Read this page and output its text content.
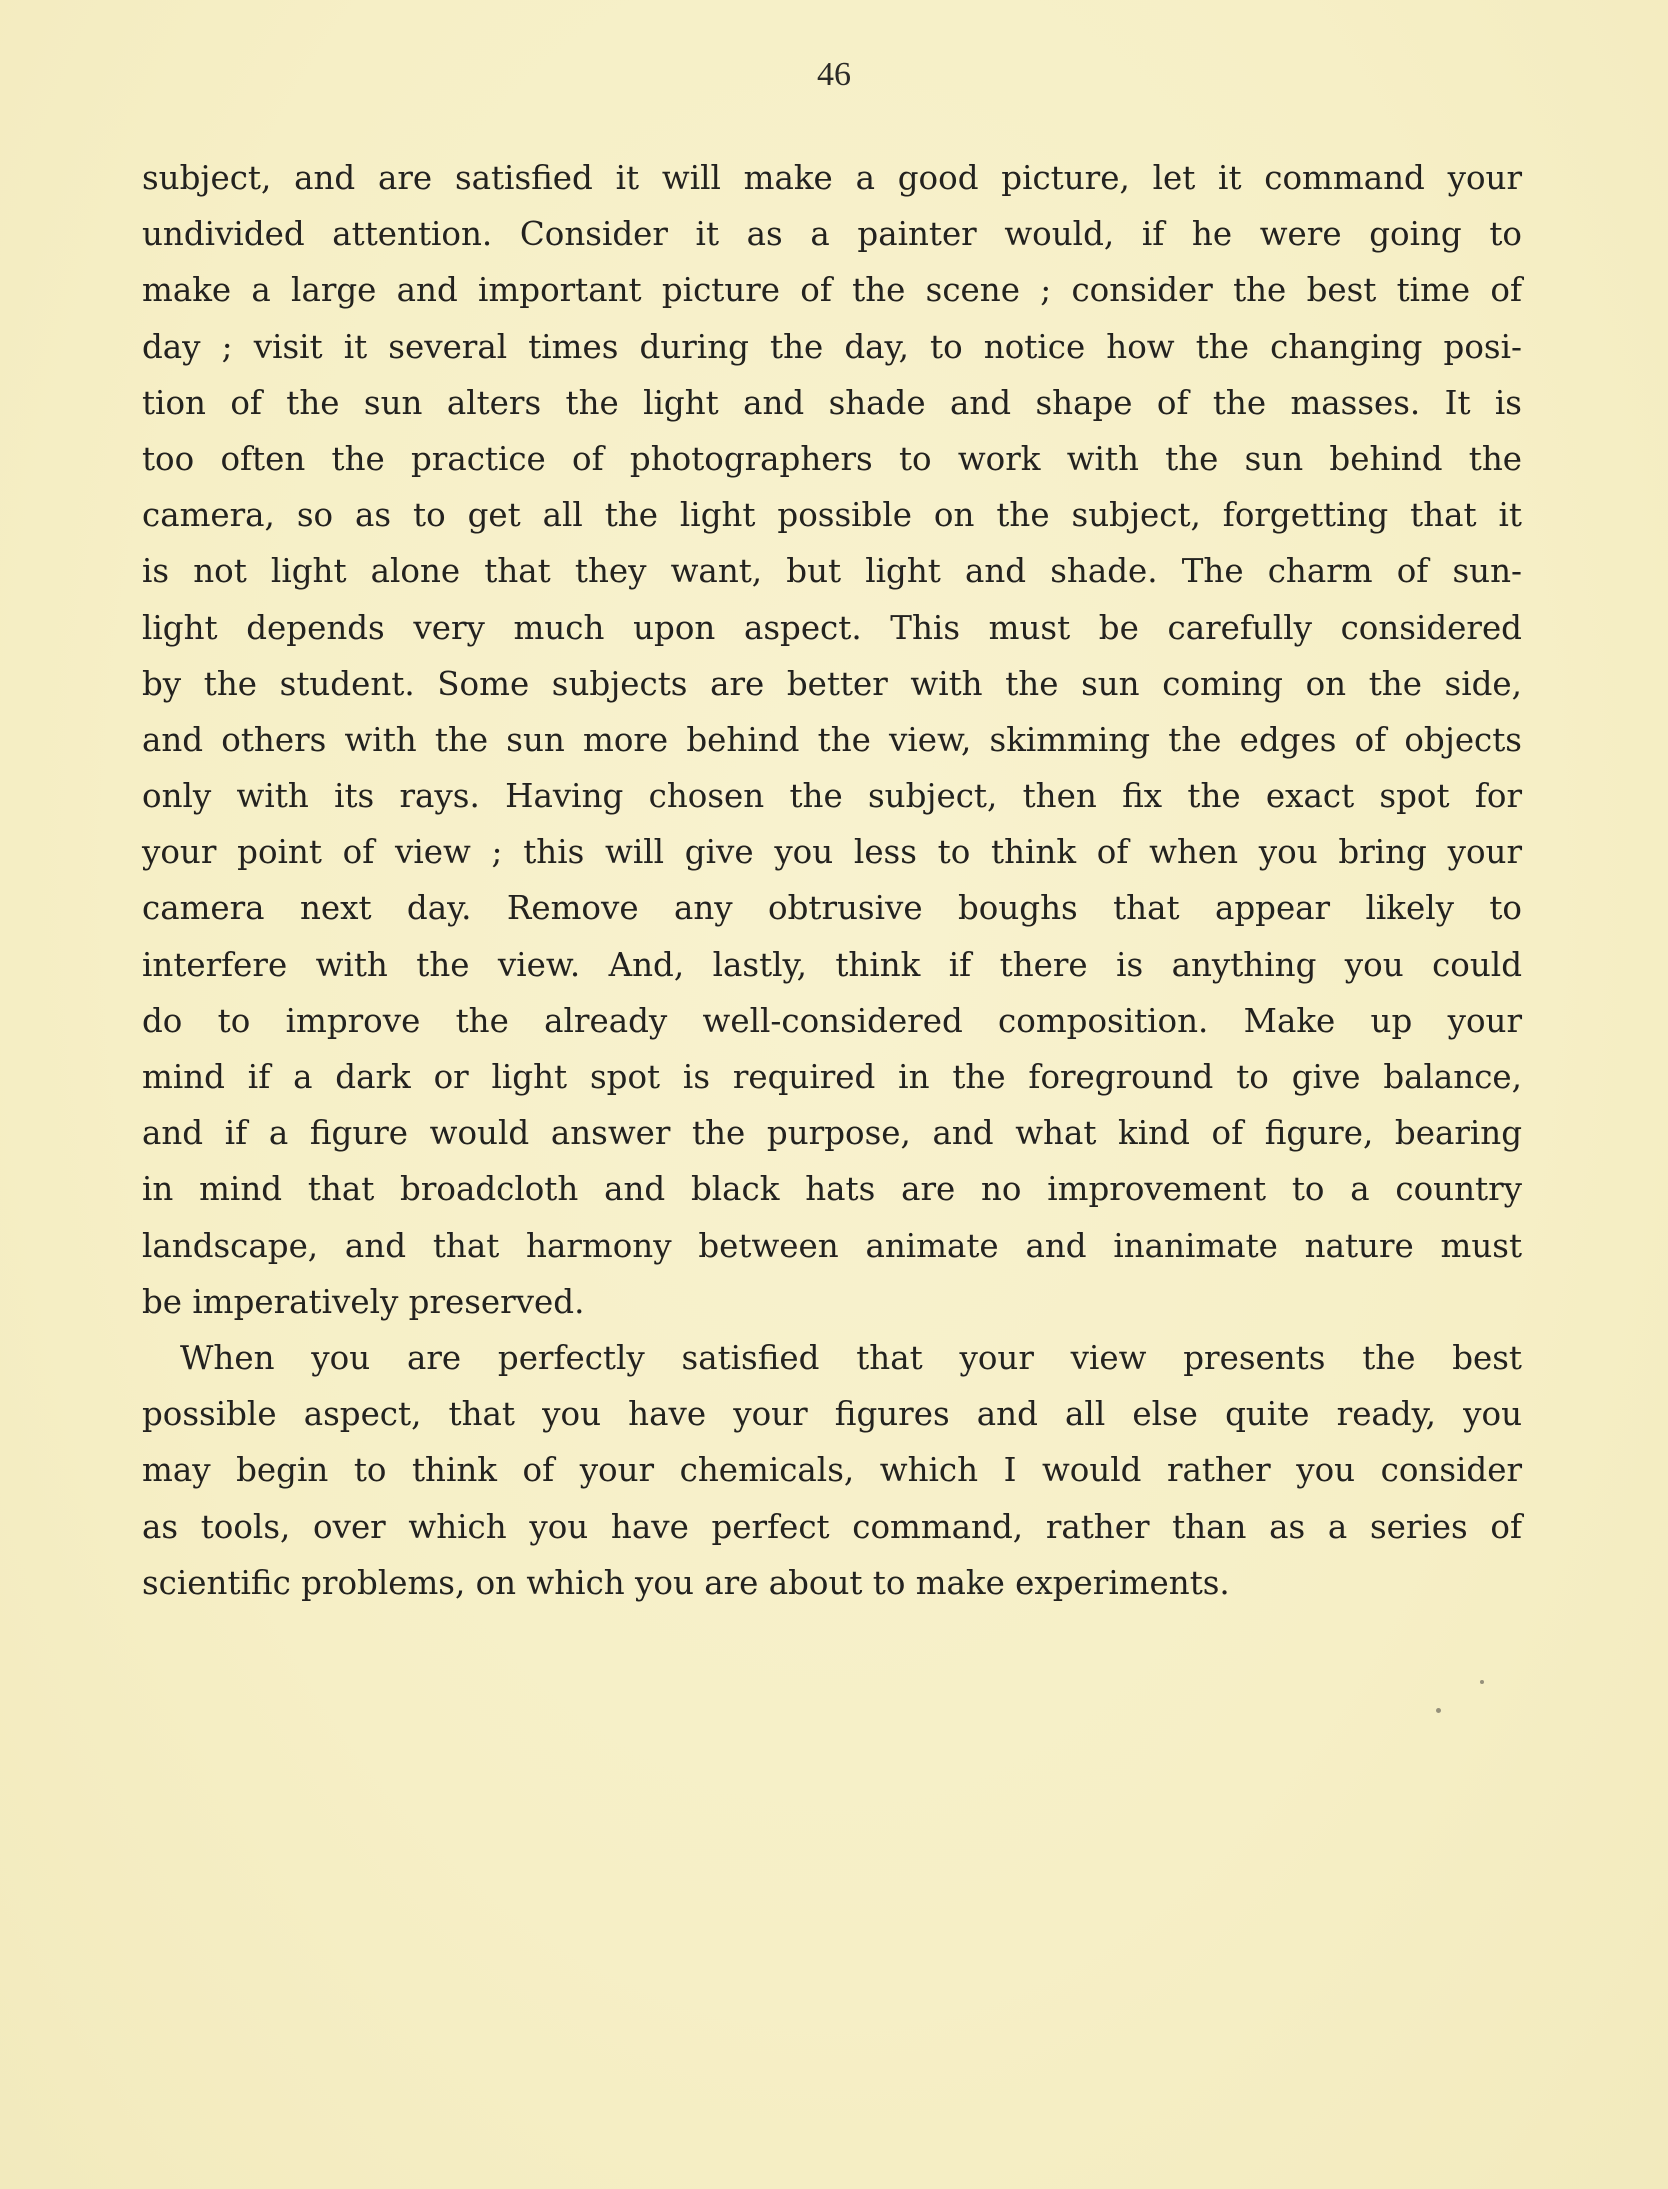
46

subject, and are satisfied it will make a good picture, let it command your
undivided attention. Consider it as a painter would, if he were going to
make a large and important picture of the scene ; consider the best time of
day ; visit it several times during the day, to notice how the changing posi-
tion of the sun alters the light and shade and shape of the masses. It is
too often the practice of photographers to work with the sun behind the
camera, so as to get all the light possible on the subject, forgetting that it
is not light alone that they want, but light and shade. The charm of sun-
light depends very much upon aspect. This must be carefully considered
by the student. Some subjects are better with the sun coming on the side,
and others with the sun more behind the view, skimming the edges of objects
only with its rays. Having chosen the subject, then fix the exact spot for
your point of view ; this will give you less to think of when you bring your
camera next day. Remove any obtrusive boughs that appear likely to
interfere with the view. And, lastly, think if there is anything you could
do to improve the already well-considered composition. Make up your
mind if a dark or light spot is required in the foreground to give balance,
and if a figure would answer the purpose, and what kind of figure, bearing
in mind that broadcloth and black hats are no improvement to a country
landscape, and that harmony between animate and inanimate nature must
be imperatively preserved.
When you are perfectly satisfied that your view presents the best
possible aspect, that you have your figures and all else quite ready, you
may begin to think of your chemicals, which I would rather you consider
as tools, over which you have perfect command, rather than as a series of
scientific problems, on which you are about to make experiments.
